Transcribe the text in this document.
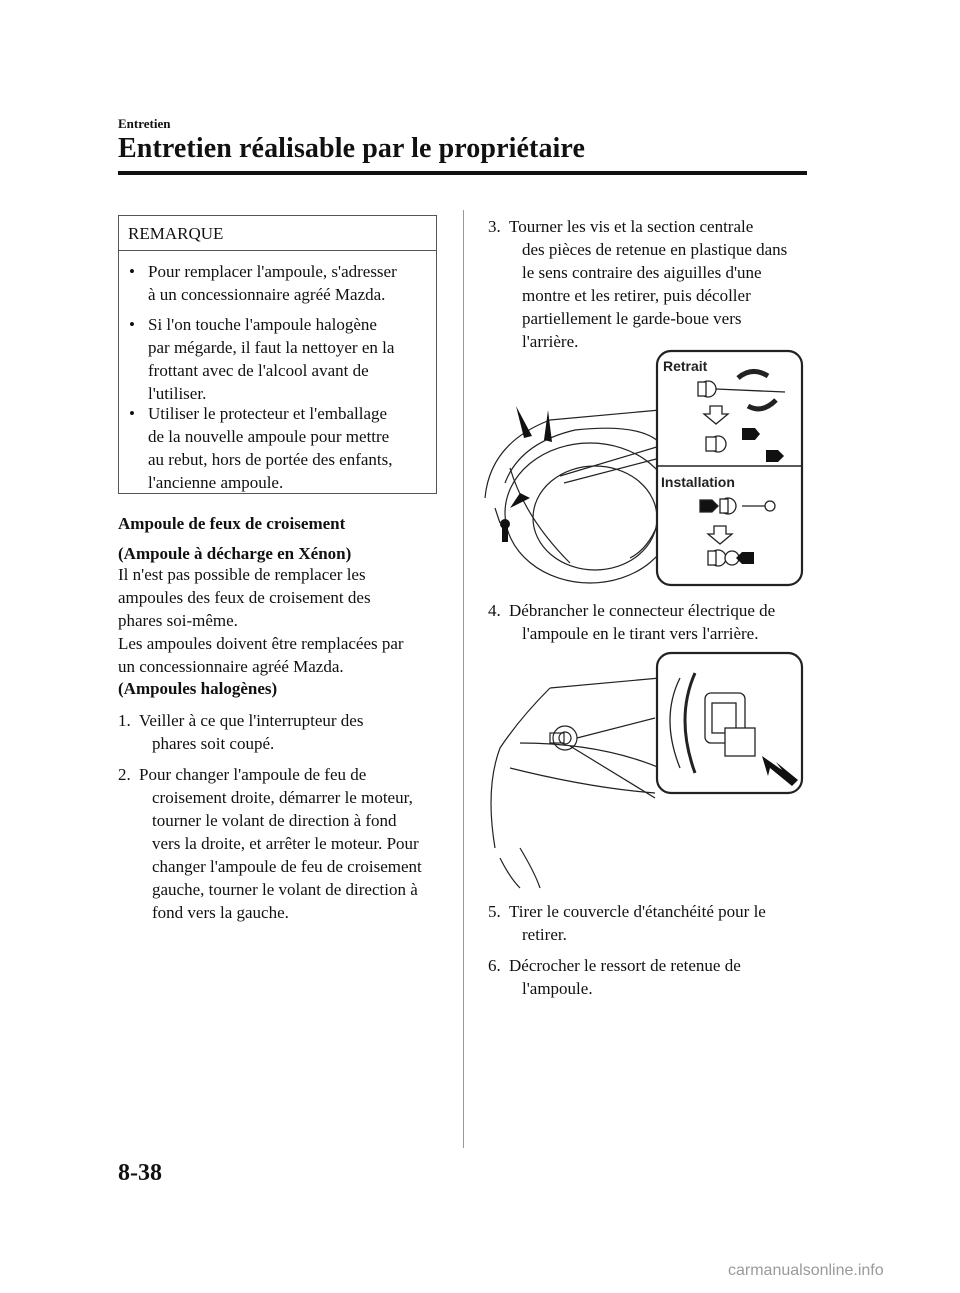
Entretien
Entretien réalisable par le propriétaire
REMARQUE
• Pour remplacer l'ampoule, s'adresser
à un concessionnaire agréé Mazda.
• Si l'on touche l'ampoule halogène
par mégarde, il faut la nettoyer en la
frottant avec de l'alcool avant de
l'utiliser.
• Utiliser le protecteur et l'emballage
de la nouvelle ampoule pour mettre
au rebut, hors de portée des enfants,
l'ancienne ampoule.
Ampoule de feux de croisement
(Ampoule à décharge en Xénon)
Il n'est pas possible de remplacer les
ampoules des feux de croisement des
phares soi-même.
Les ampoules doivent être remplacées par
un concessionnaire agréé Mazda.
(Ampoules halogènes)
1. Veiller à ce que l'interrupteur des
phares soit coupé.
2. Pour changer l'ampoule de feu de
croisement droite, démarrer le moteur,
tourner le volant de direction à fond
vers la droite, et arrêter le moteur. Pour
changer l'ampoule de feu de croisement
gauche, tourner le volant de direction à
fond vers la gauche.
3. Tourner les vis et la section centrale
des pièces de retenue en plastique dans
le sens contraire des aiguilles d'une
montre et les retirer, puis décoller
partiellement le garde-boue vers
l'arrière.
Retrait
Installation
4. Débrancher le connecteur électrique de
l'ampoule en le tirant vers l'arrière.
5. Tirer le couvercle d'étanchéité pour le
retirer.
6. Décrocher le ressort de retenue de
l'ampoule.
8-38
carmanualsonline.info
